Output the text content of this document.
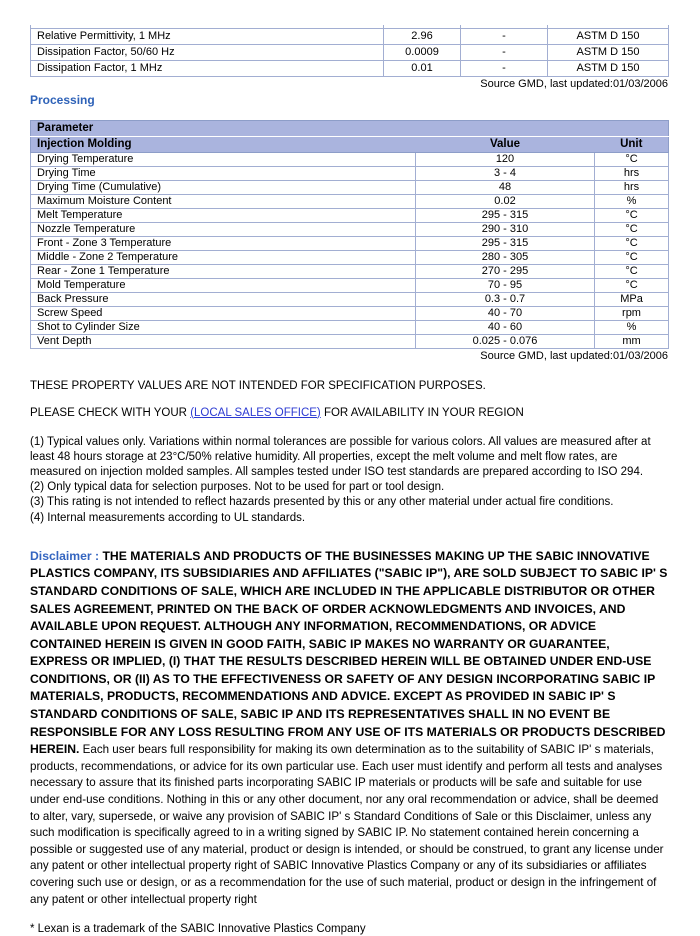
Relative Permittivity, 1 MHz	2.96	-	ASTM D 150
Dissipation Factor, 50/60 Hz	0.0009	-	ASTM D 150
Dissipation Factor, 1 MHz	0.01	-	ASTM D 150
Source GMD, last updated:01/03/2006
Processing
Parameter		
Injection Molding	Value	Unit
Drying Temperature	120	°C
Drying Time	3 - 4	hrs
Drying Time (Cumulative)	48	hrs
Maximum Moisture Content	0.02	%
Melt Temperature	295 - 315	°C
Nozzle Temperature	290 - 310	°C
Front - Zone 3 Temperature	295 - 315	°C
Middle - Zone 2 Temperature	280 - 305	°C
Rear - Zone 1 Temperature	270 - 295	°C
Mold Temperature	70 - 95	°C
Back Pressure	0.3 - 0.7	MPa
Screw Speed	40 - 70	rpm
Shot to Cylinder Size	40 - 60	%
Vent Depth	0.025 - 0.076	mm
Source GMD, last updated:01/03/2006

THESE PROPERTY VALUES ARE NOT INTENDED FOR SPECIFICATION PURPOSES.

PLEASE CHECK WITH YOUR (LOCAL SALES OFFICE) FOR AVAILABILITY IN YOUR REGION

(1) Typical values only. Variations within normal tolerances are possible for various colors. All values are measured after at least 48 hours storage at 23°C/50% relative humidity. All properties, except the melt volume and melt flow rates, are measured on injection molded samples. All samples tested under ISO test standards are prepared according to ISO 294.
(2) Only typical data for selection purposes. Not to be used for part or tool design.
(3) This rating is not intended to reflect hazards presented by this or any other material under actual fire conditions.
(4) Internal measurements according to UL standards.

Disclaimer : THE MATERIALS AND PRODUCTS OF THE BUSINESSES MAKING UP THE SABIC INNOVATIVE PLASTICS COMPANY, ITS SUBSIDIARIES AND AFFILIATES ("SABIC IP"), ARE SOLD SUBJECT TO SABIC IP' S STANDARD CONDITIONS OF SALE, WHICH ARE INCLUDED IN THE APPLICABLE DISTRIBUTOR OR OTHER SALES AGREEMENT, PRINTED ON THE BACK OF ORDER ACKNOWLEDGMENTS AND INVOICES, AND AVAILABLE UPON REQUEST. ALTHOUGH ANY INFORMATION, RECOMMENDATIONS, OR ADVICE CONTAINED HEREIN IS GIVEN IN GOOD FAITH, SABIC IP MAKES NO WARRANTY OR GUARANTEE, EXPRESS OR IMPLIED, (I) THAT THE RESULTS DESCRIBED HEREIN WILL BE OBTAINED UNDER END-USE CONDITIONS, OR (II) AS TO THE EFFECTIVENESS OR SAFETY OF ANY DESIGN INCORPORATING SABIC IP MATERIALS, PRODUCTS, RECOMMENDATIONS AND ADVICE. EXCEPT AS PROVIDED IN SABIC IP' S STANDARD CONDITIONS OF SALE, SABIC IP AND ITS REPRESENTATIVES SHALL IN NO EVENT BE RESPONSIBLE FOR ANY LOSS RESULTING FROM ANY USE OF ITS MATERIALS OR PRODUCTS DESCRIBED HEREIN. Each user bears full responsibility for making its own determination as to the suitability of SABIC IP' s materials, products, recommendations, or advice for its own particular use. Each user must identify and perform all tests and analyses necessary to assure that its finished parts incorporating SABIC IP materials or products will be safe and suitable for use under end-use conditions. Nothing in this or any other document, nor any oral recommendation or advice, shall be deemed to alter, vary, supersede, or waive any provision of SABIC IP' s Standard Conditions of Sale or this Disclaimer, unless any such modification is specifically agreed to in a writing signed by SABIC IP. No statement contained herein concerning a possible or suggested use of any material, product or design is intended, or should be construed, to grant any license under any patent or other intellectual property right of SABIC Innovative Plastics Company or any of its subsidiaries or affiliates covering such use or design, or as a recommendation for the use of such material, product or design in the infringement of any patent or other intellectual property right

* Lexan is a trademark of the SABIC Innovative Plastics Company
